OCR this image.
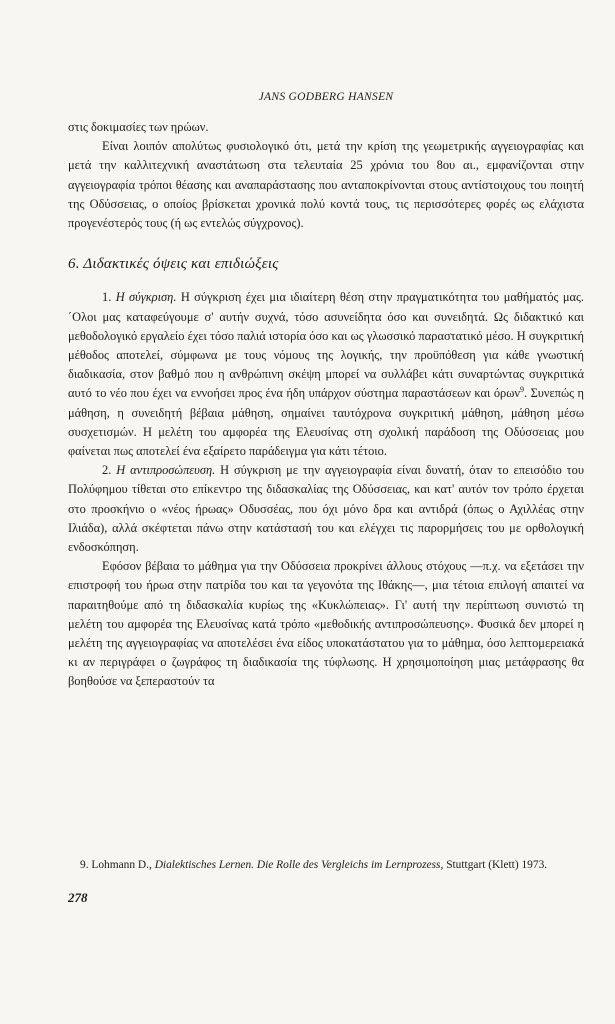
JANS GODBERG HANSEN

στις δοκιμασίες των ηρώων.

Είναι λοιπόν απολύτως φυσιολογικό ότι, μετά την κρίση της γεωμετρικής αγγειογραφίας και μετά την καλλιτεχνική αναστάτωση στα τελευταία 25 χρόνια του 8ου αι., εμφανίζονται στην αγγειογραφία τρόποι θέασης και αναπαράστασης που ανταποκρίνονται στους αντίστοιχους του ποιητή της Οδύσσειας, ο οποίος βρίσκεται χρονικά πολύ κοντά τους, τις περισσότερες φορές ως ελάχιστα προγενέστερός τους (ή ως εντελώς σύγχρονος).

6. Διδακτικές όψεις και επιδιώξεις

1. Η σύγκριση. Η σύγκριση έχει μια ιδιαίτερη θέση στην πραγματικότητα του μαθήματός μας. ΄Ολοι μας καταφεύγουμε σ' αυτήν συχνά, τόσο ασυνείδητα όσο και συνειδητά. Ως διδακτικό και μεθοδολογικό εργαλείο έχει τόσο παλιά ιστορία όσο και ως γλωσσικό παραστατικό μέσο. Η συγκριτική μέθοδος αποτελεί, σύμφωνα με τους νόμους της λογικής, την προϋπόθεση για κάθε γνωστική διαδικασία, στον βαθμό που η ανθρώπινη σκέψη μπορεί να συλλάβει κάτι συναρτώντας συγκριτικά αυτό το νέο που έχει να εννοήσει προς ένα ήδη υπάρχον σύστημα παραστάσεων και όρων$^9$. Συνεπώς η μάθηση, η συνειδητή βέβαια μάθηση, σημαίνει ταυτόχρονα συγκριτική μάθηση, μάθηση μέσω συσχετισμών. Η μελέτη του αμφορέα της Ελευσίνας στη σχολική παράδοση της Οδύσσειας μου φαίνεται πως αποτελεί ένα εξαίρετο παράδειγμα για κάτι τέτοιο.

2. Η αντιπροσώπευση. Η σύγκριση με την αγγειογραφία είναι δυνατή, όταν το επεισόδιο του Πολύφημου τίθεται στο επίκεντρο της διδασκαλίας της Οδύσσειας, και κατ' αυτόν τον τρόπο έρχεται στο προσκήνιο ο «νέος ήρωας» Οδυσσέας, που όχι μόνο δρα και αντιδρά (όπως ο Αχιλλέας στην Ιλιάδα), αλλά σκέφτεται πάνω στην κατάστασή του και ελέγχει τις παρορμήσεις του με ορθολογική ενδοσκόπηση.

Εφόσον βέβαια το μάθημα για την Οδύσσεια προκρίνει άλλους στόχους —π.χ. να εξετάσει την επιστροφή του ήρωα στην πατρίδα του και τα γεγονότα της Ιθάκης—, μια τέτοια επιλογή απαιτεί να παραιτηθούμε από τη διδασκαλία κυρίως της «Κυκλώπειας». Γι' αυτή την περίπτωση συνιστώ τη μελέτη του αμφορέα της Ελευσίνας κατά τρόπο «μεθοδικής αντιπροσώπευσης». Φυσικά δεν μπορεί η μελέτη της αγγειογραφίας να αποτελέσει ένα είδος υποκατάστατου για το μάθημα, όσο λεπτομερειακά κι αν περιγράφει ο ζωγράφος τη διαδικασία της τύφλωσης. Η χρησιμοποίηση μιας μετάφρασης θα βοηθούσε να ξεπεραστούν τα

9. Lohmann D., Dialektisches Lernen. Die Rolle des Vergleichs im Lernprozess, Stuttgart (Klett) 1973.
278
